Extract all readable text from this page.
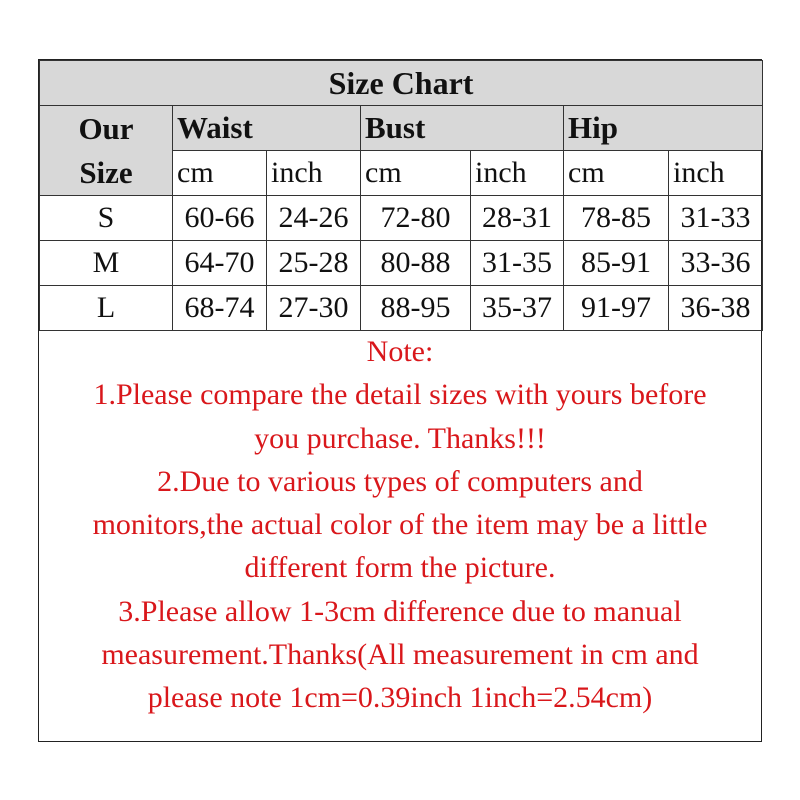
Size Chart						

Our
Size	Waist		Bust		Hip	
	cm	inch	cm	inch	cm	inch
S	60-66	24-26	72-80	28-31	78-85	31-33
M	64-70	25-28	80-88	31-35	85-91	33-36
L	68-74	27-30	88-95	35-37	91-97	36-38
Note:
1.Please compare the detail sizes with yours before
you purchase. Thanks!!!
2.Due to various types of computers and
monitors,the actual color of the item may be a little
different form the picture.
3.Please allow 1-3cm difference due to manual
measurement.Thanks(All measurement in cm and
please note 1cm=0.39inch 1inch=2.54cm)
